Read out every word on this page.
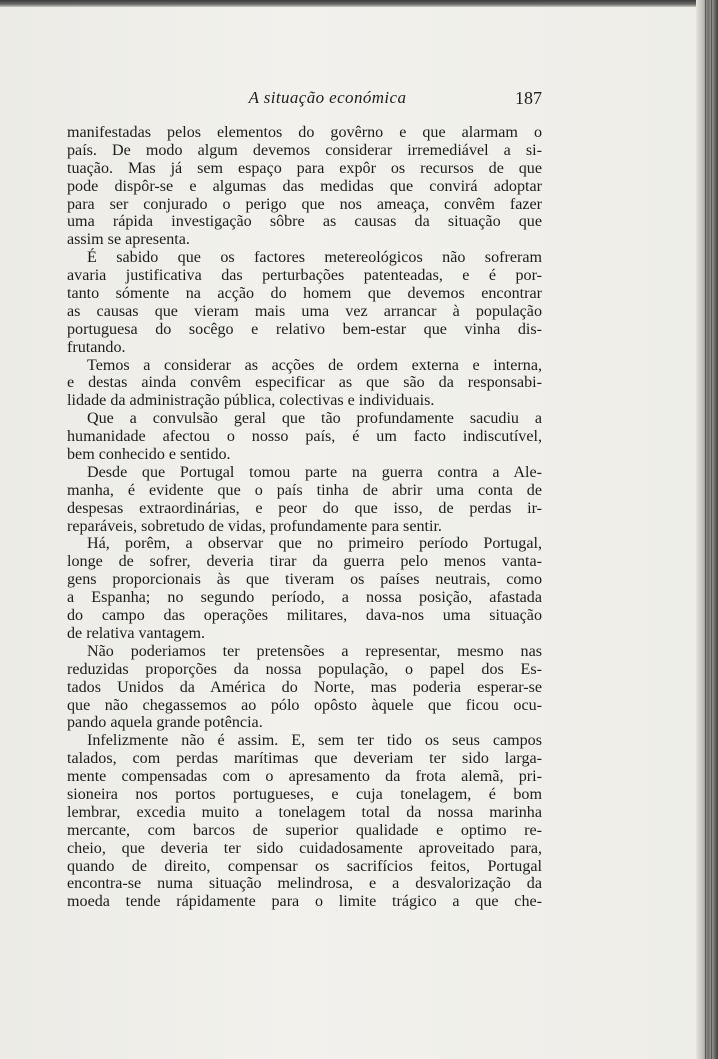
A situação económica	187
manifestadas pelos elementos do govêrno e que alarmam o
país. De modo algum devemos considerar irremediável a si-
tuação. Mas já sem espaço para expôr os recursos de que
pode dispôr-se e algumas das medidas que convirá adoptar
para ser conjurado o perigo que nos ameaça, convêm fazer
uma rápida investigação sôbre as causas da situação que
assim se apresenta.
É sabido que os factores metereológicos não sofreram
avaria justificativa das perturbações patenteadas, e é por-
tanto sómente na acção do homem que devemos encontrar
as causas que vieram mais uma vez arrancar à população
portuguesa do socêgo e relativo bem-estar que vinha dis-
frutando.
Temos a considerar as acções de ordem externa e interna,
e destas ainda convêm especificar as que são da responsabi-
lidade da administração pública, colectivas e individuais.
Que a convulsão geral que tão profundamente sacudiu a
humanidade afectou o nosso país, é um facto indiscutível,
bem conhecido e sentido.
Desde que Portugal tomou parte na guerra contra a Ale-
manha, é evidente que o país tinha de abrir uma conta de
despesas extraordinárias, e peor do que isso, de perdas ir-
reparáveis, sobretudo de vidas, profundamente para sentir.
Há, porêm, a observar que no primeiro período Portugal,
longe de sofrer, deveria tirar da guerra pelo menos vanta-
gens proporcionais às que tiveram os países neutrais, como
a Espanha; no segundo período, a nossa posição, afastada
do campo das operações militares, dava-nos uma situação
de relativa vantagem.
Não poderiamos ter pretensões a representar, mesmo nas
reduzidas proporções da nossa população, o papel dos Es-
tados Unidos da América do Norte, mas poderia esperar-se
que não chegassemos ao pólo opôsto àquele que ficou ocu-
pando aquela grande potência.
Infelizmente não é assim. E, sem ter tido os seus campos
talados, com perdas marítimas que deveriam ter sido larga-
mente compensadas com o apresamento da frota alemã, pri-
sioneira nos portos portugueses, e cuja tonelagem, é bom
lembrar, excedia muito a tonelagem total da nossa marinha
mercante, com barcos de superior qualidade e optimo re-
cheio, que deveria ter sido cuidadosamente aproveitado para,
quando de direito, compensar os sacrifícios feitos, Portugal
encontra-se numa situação melindrosa, e a desvalorização da
moeda tende rápidamente para o limite trágico a que che-
